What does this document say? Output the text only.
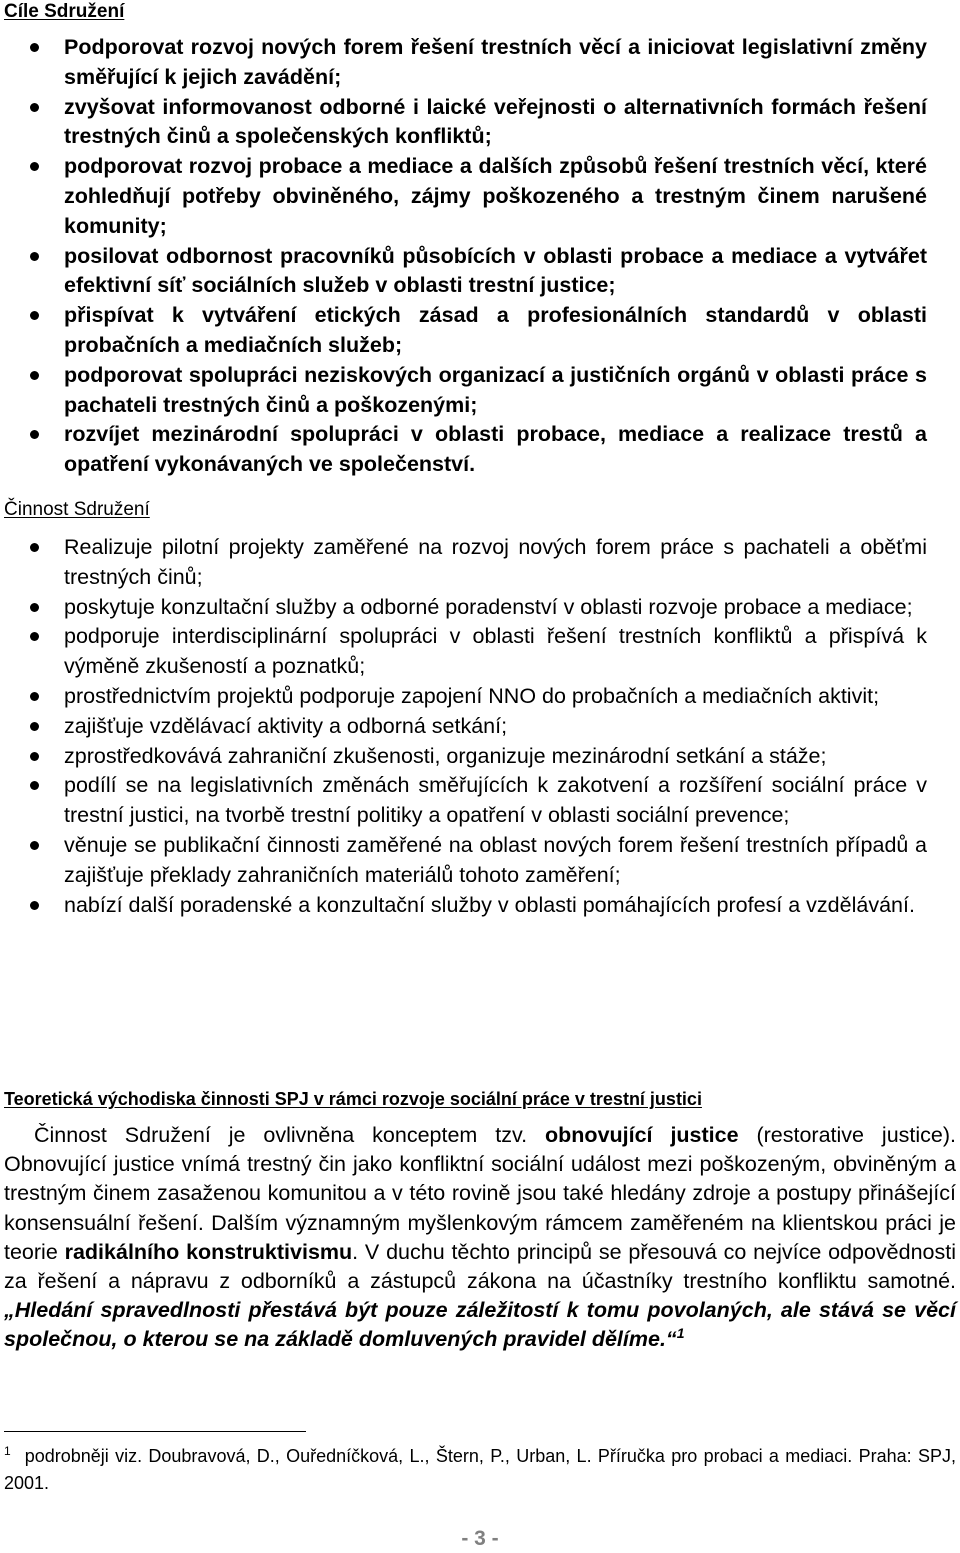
Cíle Sdružení
Podporovat rozvoj nových forem řešení trestních věcí a iniciovat legislativní změny směřující k jejich zavádění;
zvyšovat informovanost odborné i laické veřejnosti o alternativních formách řešení trestných činů a společenských konfliktů;
podporovat rozvoj probace a mediace a dalších způsobů řešení trestních věcí, které zohledňují potřeby obviněného, zájmy poškozeného a trestným činem narušené komunity;
posilovat odbornost pracovníků působících v oblasti probace a mediace a vytvářet efektivní síť sociálních služeb v oblasti trestní justice;
přispívat k vytváření etických zásad a profesionálních standardů v oblasti probačních a mediačních služeb;
podporovat spolupráci neziskových organizací a justičních orgánů v oblasti práce s pachateli trestných činů a poškozenými;
rozvíjet mezinárodní spolupráci v oblasti probace, mediace a realizace trestů a opatření vykonávaných ve společenství.
Činnost Sdružení
Realizuje pilotní projekty zaměřené na rozvoj nových forem práce s pachateli a oběťmi trestných činů;
poskytuje konzultační služby a odborné poradenství v oblasti rozvoje probace a mediace;
podporuje interdisciplinární spolupráci v oblasti řešení trestních konfliktů a přispívá k výměně zkušeností a poznatků;
prostřednictvím projektů podporuje zapojení NNO do probačních a mediačních aktivit;
zajišťuje vzdělávací aktivity a odborná setkání;
zprostředkovává zahraniční zkušenosti, organizuje mezinárodní setkání a stáže;
podílí se na legislativních změnách směřujících k zakotvení a rozšíření sociální práce v trestní justici, na tvorbě trestní politiky a opatření v oblasti sociální prevence;
věnuje se publikační činnosti zaměřené na oblast nových forem řešení trestních případů a zajišťuje překlady zahraničních materiálů tohoto zaměření;
nabízí další poradenské a konzultační služby v oblasti pomáhajících profesí a vzdělávání.
Teoretická východiska činnosti SPJ v rámci rozvoje sociální práce v trestní justici

Činnost Sdružení je ovlivněna konceptem tzv. obnovující justice (restorative justice). Obnovující justice vnímá trestný čin jako konfliktní sociální událost mezi poškozeným, obviněným a trestným činem zasaženou komunitou a v této rovině jsou také hledány zdroje a postupy přinášející konsensuální řešení. Dalším významným myšlenkovým rámcem zaměřeném na klientskou práci je teorie radikálního konstruktivismu. V duchu těchto principů se přesouvá co nejvíce odpovědnosti za řešení a nápravu z odborníků a zástupců zákona na účastníky trestního konfliktu samotné. „Hledání spravedlnosti přestává být pouze záležitostí k tomu povolaných, ale stává se věcí společnou, o kterou se na základě domluvených pravidel dělíme.“$^1$

$^1$ podrobněji viz. Doubravová, D., Ouředníčková, L., Štern, P., Urban, L. Příručka pro probaci a mediaci. Praha: SPJ, 2001.

- 3 -
